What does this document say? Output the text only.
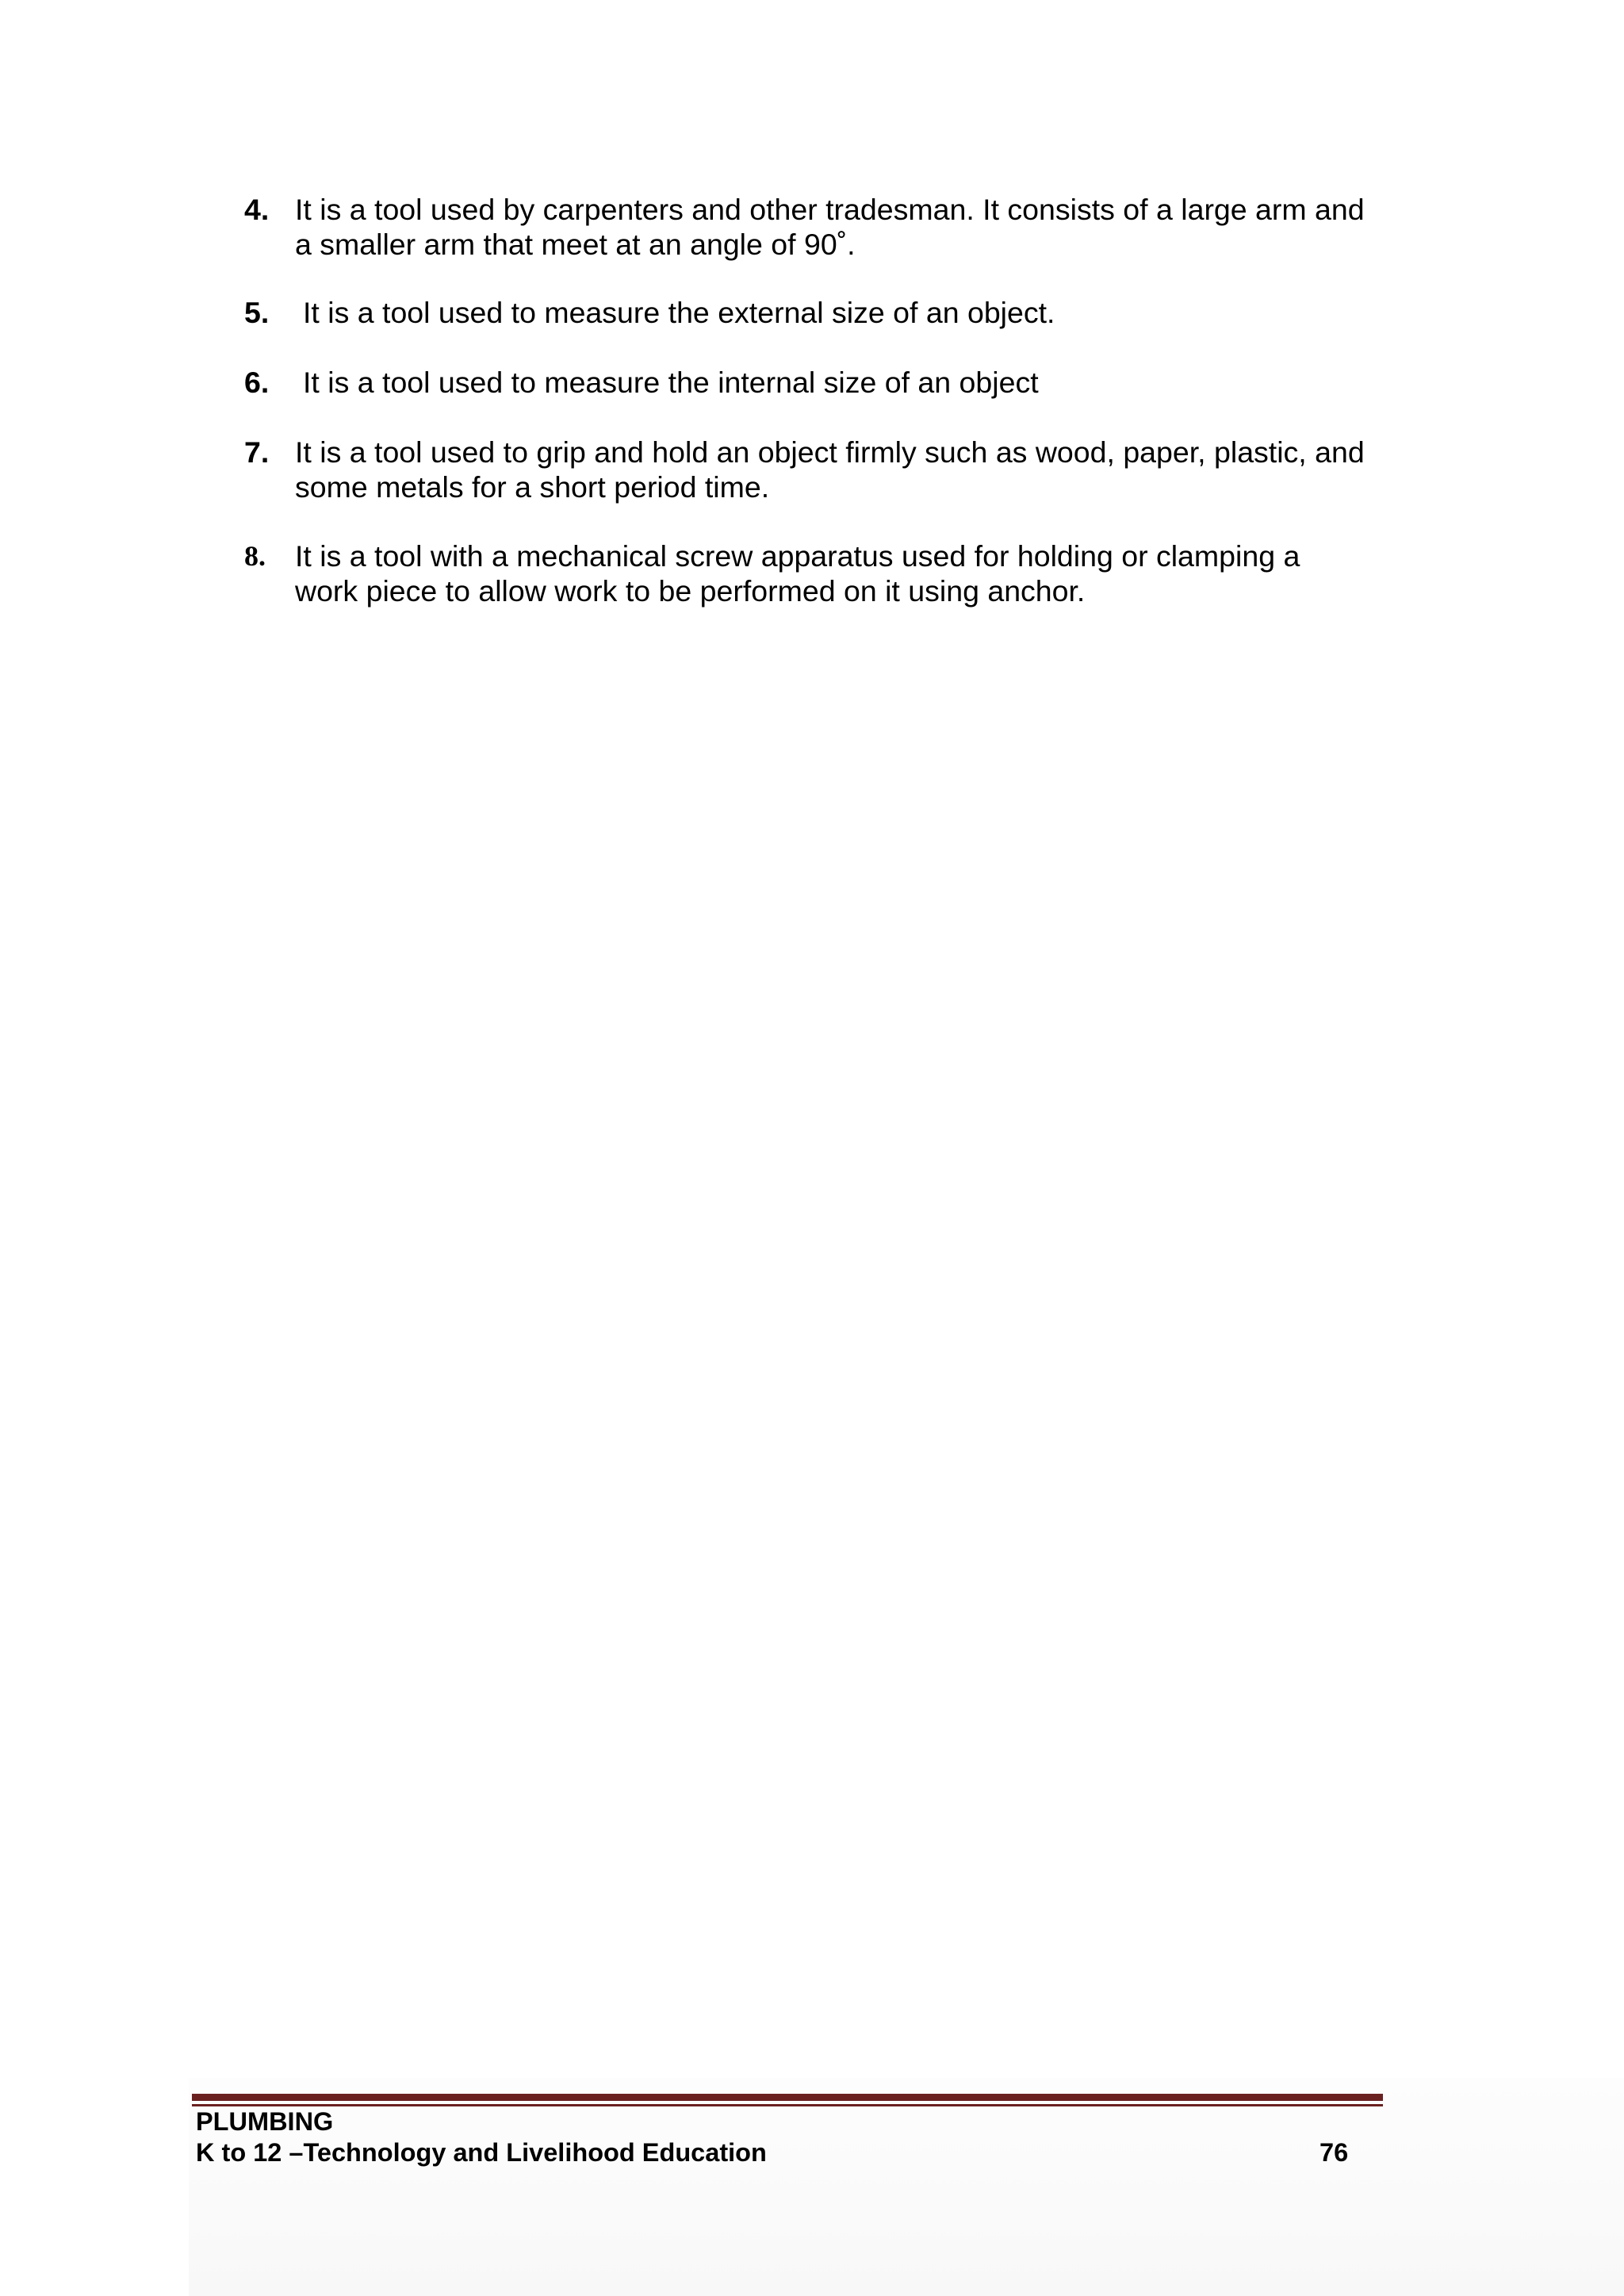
4. It is a tool used by carpenters and other tradesman. It consists of a large arm and
a smaller arm that meet at an angle of 90˚.
5. It is a tool used to measure the external size of an object.
6. It is a tool used to measure the internal size of an object
7. It is a tool used to grip and hold an object firmly such as wood, paper, plastic, and
some metals for a short period time.
8. It is a tool with a mechanical screw apparatus used for holding or clamping a
work piece to allow work to be performed on it using anchor.
PLUMBING
K to 12 –Technology and Livelihood Education	76
